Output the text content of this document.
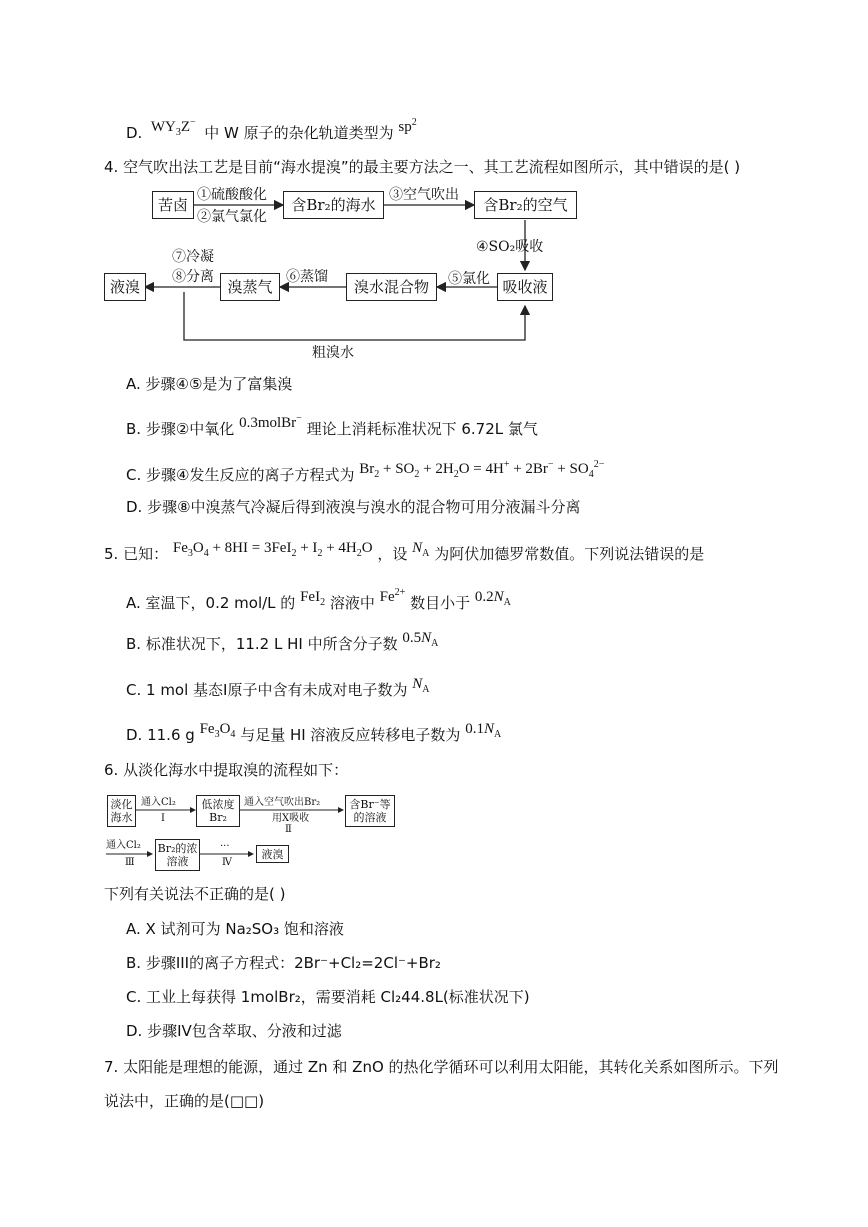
D.  $WY_3Z^-$  中 W 原子的杂化轨道类型为 $sp^2$
4. 空气吹出法工艺是目前“海水提溴”的最主要方法之一、其工艺流程如图所示，其中错误的是( )
苦卤
①硫酸酸化
②氯气氯化
含Br₂的海水
③空气吹出
含Br₂的空气
④SO₂吸收
吸收液
⑤氯化
溴水混合物
⑥蒸馏
溴蒸气
⑦冷凝
⑧分离
液溴
粗溴水
A. 步骤④⑤是为了富集溴
B. 步骤②中氧化 0.3molBr− 理论上消耗标准状况下 6.72L 氯气
C. 步骤④发生反应的离子方程式为 $Br_2 + SO_2 + 2H_2O = 4H^+ + 2Br^- + SO_4^{2-}$
D. 步骤⑧中溴蒸气冷凝后得到液溴与溴水的混合物可用分液漏斗分离
5. 已知： $Fe_3O_4 + 8HI = 3FeI_2 + I_2 + 4H_2O$ ，设 $N_A$ 为阿伏加德罗常数值。下列说法错误的是
A. 室温下，0.2 mol/L 的 FeI$_2$ 溶液中 $Fe^{2+}$ 数目小于 $0.2N_A$
B. 标准状况下，11.2 L HI 中所含分子数 $0.5N_A$
C. 1 mol 基态I原子中含有未成对电子数为 $N_A$
D. 11.6 g $Fe_3O_4$ 与足量 HI 溶液反应转移电子数为 $0.1N_A$
6. 从淡化海水中提取溴的流程如下：
淡化海水
通入Cl₂
Ⅰ
低浓度Br₂
通入空气吹出Br₂
用X吸收
Ⅱ
含Br⁻等的溶液
通入Cl₂
Ⅲ
Br₂的浓溶液
···
Ⅳ
液溴
下列有关说法不正确的是( )
A. X 试剂可为 Na₂SO₃ 饱和溶液
B. 步骤III的离子方程式：2Br⁻+Cl₂=2Cl⁻+Br₂
C. 工业上每获得 1molBr₂，需要消耗 Cl₂44.8L(标准状况下)
D. 步骤IV包含萃取、分液和过滤
7. 太阳能是理想的能源，通过 Zn 和 ZnO 的热化学循环可以利用太阳能，其转化关系如图所示。下列
说法中，正确的是(□□)
